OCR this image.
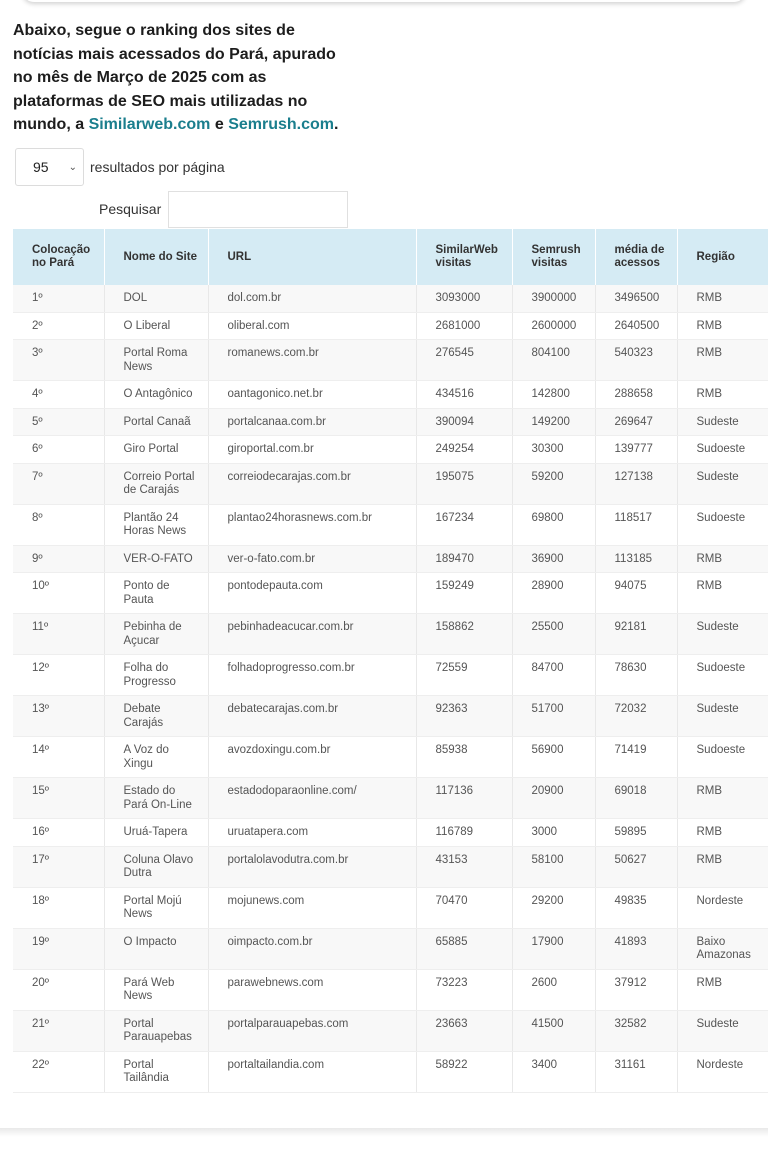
Abaixo, segue o ranking dos sites de notícias mais acessados do Pará, apurado no mês de Março de 2025 com as plataformas de SEO mais utilizadas no mundo, a Similarweb.com e Semrush.com.

95 ⌄ resultados por página
Pesquisar
Colocação no Pará	Nome do Site	URL	SimilarWeb visitas	Semrush visitas	média de acessos	Região
1º	DOL	dol.com.br	3093000	3900000	3496500	RMB
2º	O Liberal	oliberal.com	2681000	2600000	2640500	RMB
3º	Portal Roma News	romanews.com.br	276545	804100	540323	RMB
4º	O Antagônico	oantagonico.net.br	434516	142800	288658	RMB
5º	Portal Canaã	portalcanaa.com.br	390094	149200	269647	Sudeste
6º	Giro Portal	giroportal.com.br	249254	30300	139777	Sudoeste
7º	Correio Portal de Carajás	correiodecarajas.com.br	195075	59200	127138	Sudeste
8º	Plantão 24 Horas News	plantao24horasnews.com.br	167234	69800	118517	Sudoeste
9º	VER-O-FATO	ver-o-fato.com.br	189470	36900	113185	RMB
10º	Ponto de Pauta	pontodepauta.com	159249	28900	94075	RMB
11º	Pebinha de Açucar	pebinhadeacucar.com.br	158862	25500	92181	Sudeste
12º	Folha do Progresso	folhadoprogresso.com.br	72559	84700	78630	Sudoeste
13º	Debate Carajás	debatecarajas.com.br	92363	51700	72032	Sudeste
14º	A Voz do Xingu	avozdoxingu.com.br	85938	56900	71419	Sudoeste
15º	Estado do Pará On-Line	estadodoparaonline.com/	117136	20900	69018	RMB
16º	Uruá-Tapera	uruatapera.com	116789	3000	59895	RMB
17º	Coluna Olavo Dutra	portalolavodutra.com.br	43153	58100	50627	RMB
18º	Portal Mojú News	mojunews.com	70470	29200	49835	Nordeste
19º	O Impacto	oimpacto.com.br	65885	17900	41893	Baixo Amazonas
20º	Pará Web News	parawebnews.com	73223	2600	37912	RMB
21º	Portal Parauapebas	portalparauapebas.com	23663	41500	32582	Sudeste
22º	Portal Tailândia	portaltailandia.com	58922	3400	31161	Nordeste
